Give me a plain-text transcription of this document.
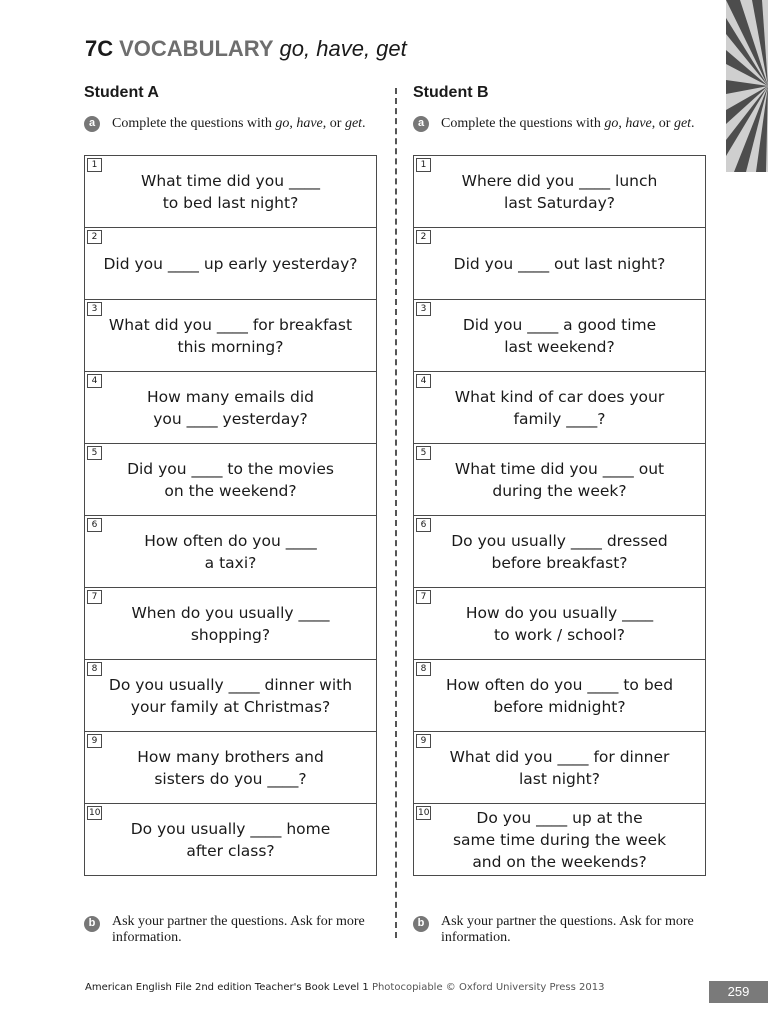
7C VOCABULARY go, have, get
Student A
a	Complete the questions with go, have, or get.
1
What time did you ____
to bed last night?
2
Did you ____ up early yesterday?
3
What did you ____ for breakfast
this morning?
4
How many emails did
you ____ yesterday?
5
Did you ____ to the movies
on the weekend?
6
How often do you ____
a taxi?
7
When do you usually ____
shopping?
8
Do you usually ____ dinner with
your family at Christmas?
9
How many brothers and
sisters do you ____?
10
Do you usually ____ home
after class?
Student B
a	Complete the questions with go, have, or get.
1
Where did you ____ lunch
last Saturday?
2
Did you ____ out last night?
3
Did you ____ a good time
last weekend?
4
What kind of car does your
family ____?
5
What time did you ____ out
during the week?
6
Do you usually ____ dressed
before breakfast?
7
How do you usually ____
to work / school?
8
How often do you ____ to bed
before midnight?
9
What did you ____ for dinner
last night?
10	Do you ____ up at the
same time during the week
and on the weekends?
b	Ask your partner the questions. Ask for more information.
b	Ask your partner the questions. Ask for more information.
American English File 2nd edition Teacher's Book Level 1 Photocopiable © Oxford University Press 2013	259
